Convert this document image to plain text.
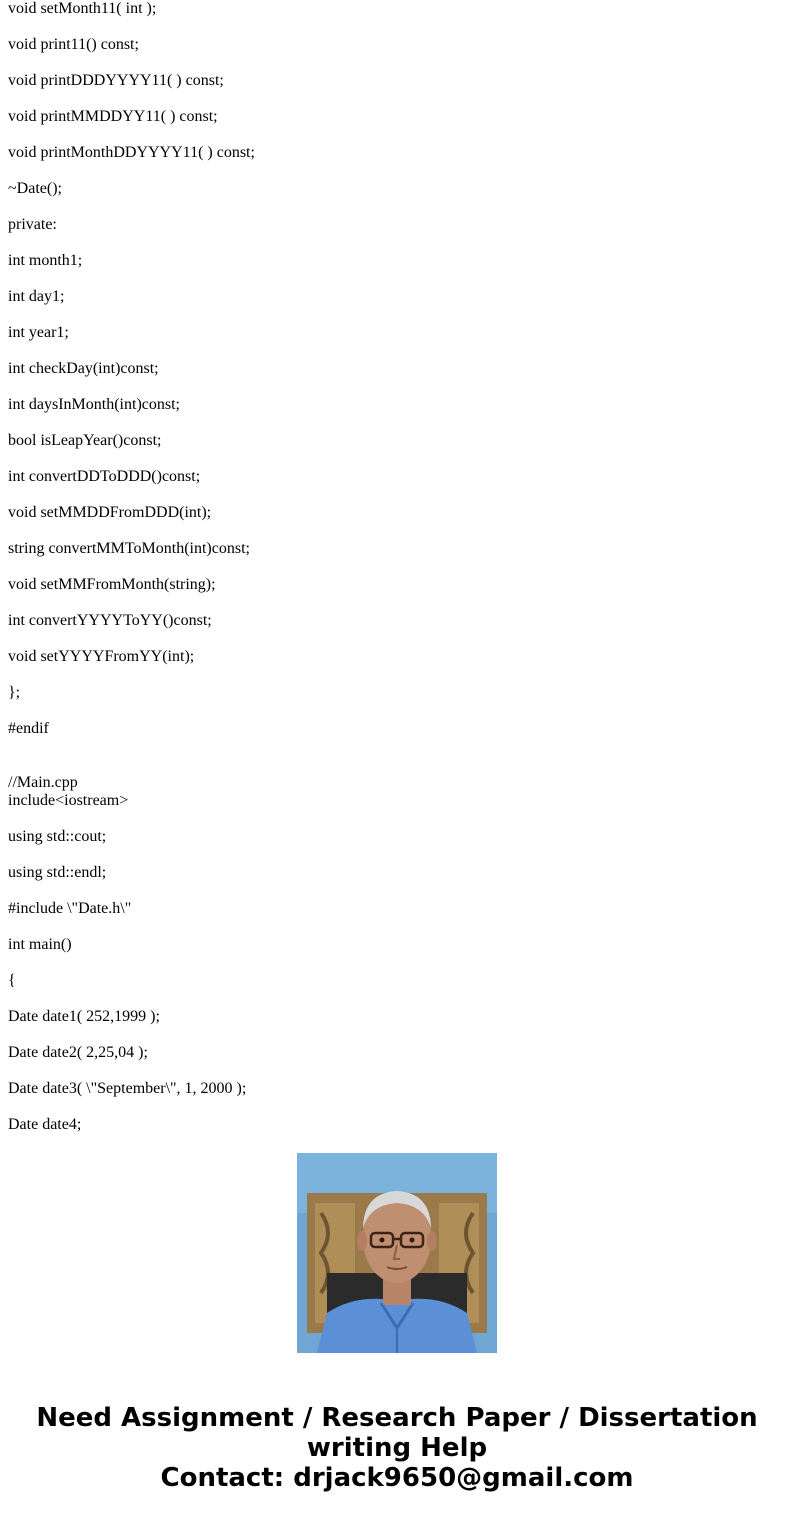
void setMonth11( int );
void print11() const;
void printDDDYYYY11( ) const;
void printMMDDYY11( ) const;
void printMonthDDYYYY11( ) const;
~Date();
private:
int month1;
int day1;
int year1;
int checkDay(int)const;
int daysInMonth(int)const;
bool isLeapYear()const;
int convertDDToDDD()const;
void setMMDDFromDDD(int);
string convertMMToMonth(int)const;
void setMMFromMonth(string);
int convertYYYYToYY()const;
void setYYYYFromYY(int);
};
#endif
//Main.cpp
include<iostream>
using std::cout;
using std::endl;
#include \"Date.h\"
int main()
{
Date date1( 252,1999 );
Date date2( 2,25,04 );
Date date3( \"September\", 1, 2000 );
Date date4;
Need Assignment / Research Paper / Dissertation
writing Help
Contact: drjack9650@gmail.com
